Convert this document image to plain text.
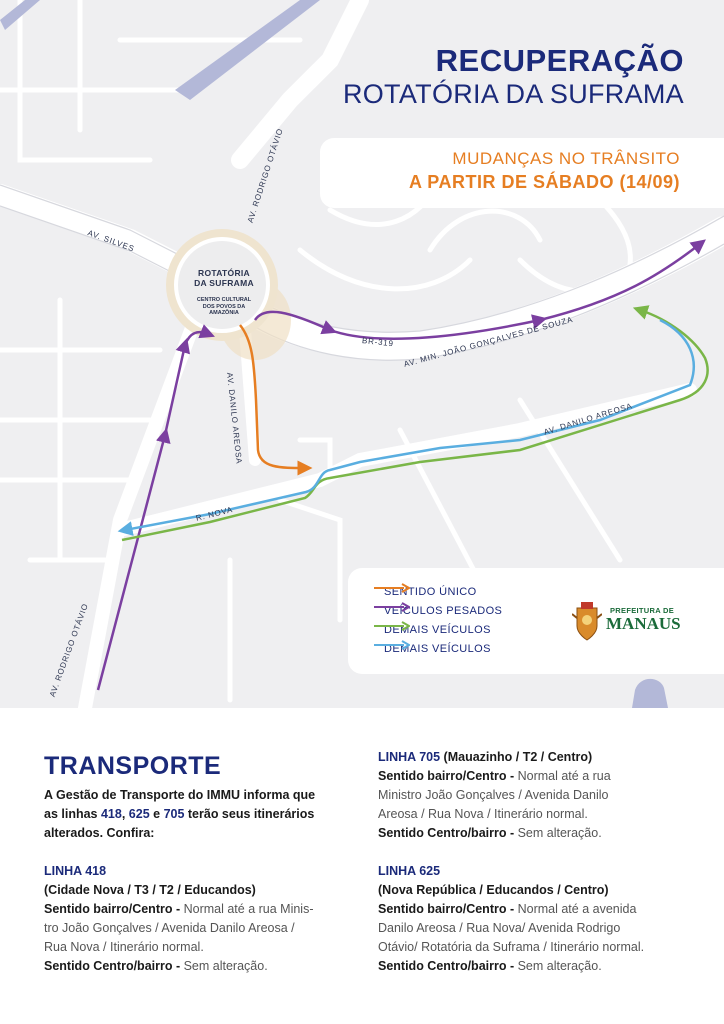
AV. SILVES
AV. RODRIGO OTÁVIO
BR-319 AV. MIN. JOÃO GONÇALVES DE SOUZA
AV. DANILO AREOSA	AV. DANILO AREOSA
R. NOVA
AV. RODRIGO OTÁVIO
ROTATÓRIA
DA SUFRAMA
CENTRO CULTURAL
DOS POVOS DA
AMAZÔNIA
RECUPERAÇÃO
ROTATÓRIA DA SUFRAMA
MUDANÇAS NO TRÂNSITO
A PARTIR DE SÁBADO (14/09)
SENTIDO ÚNICO
VEÍCULOS PESADOS
DEMAIS VEÍCULOS
DEMAIS VEÍCULOS
PREFEITURA DE
MANAUS
TRANSPORTE
A Gestão de Transporte do IMMU informa que
as linhas 418, 625 e 705 terão seus itinerários
alterados. Confira:
LINHA 418
(Cidade Nova / T3 / T2 / Educandos)
Sentido bairro/Centro - Normal até a rua Minis-
tro João Gonçalves / Avenida Danilo Areosa /
Rua Nova / Itinerário normal.
Sentido Centro/bairro - Sem alteração.
LINHA 705 (Mauazinho / T2 / Centro)
Sentido bairro/Centro - Normal até a rua
Ministro João Gonçalves / Avenida Danilo
Areosa / Rua Nova / Itinerário normal.
Sentido Centro/bairro - Sem alteração.
LINHA 625
(Nova República / Educandos / Centro)
Sentido bairro/Centro - Normal até a avenida
Danilo Areosa / Rua Nova/ Avenida Rodrigo
Otávio/ Rotatória da Suframa / Itinerário normal.
Sentido Centro/bairro - Sem alteração.
